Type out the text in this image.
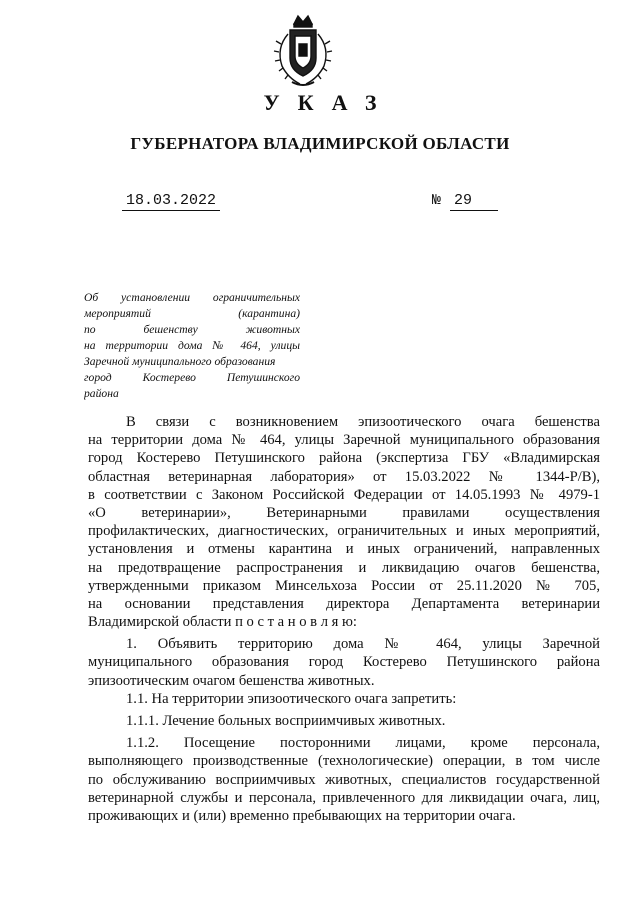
УКАЗ
ГУБЕРНАТОРА ВЛАДИМИРСКОЙ ОБЛАСТИ
18.03.2022	№ 29
Об установлении ограничительных
мероприятий (карантина)
по бешенству животных
на территории дома № 464, улицы
Заречной муниципального образования
город Костерево Петушинского
района
В связи с возникновением эпизоотического очага бешенства
на территории дома № 464, улицы Заречной муниципального образования
город Костерево Петушинского района (экспертиза ГБУ «Владимирская
областная ветеринарная лаборатория» от 15.03.2022 № 1344-Р/В),
в соответствии с Законом Российской Федерации от 14.05.1993 № 4979-1
«О ветеринарии», Ветеринарными правилами осуществления
профилактических, диагностических, ограничительных и иных мероприятий,
установления и отмены карантина и иных ограничений, направленных
на предотвращение распространения и ликвидацию очагов бешенства,
утвержденными приказом Минсельхоза России от 25.11.2020 № 705,
на основании представления директора Департамента ветеринарии
Владимирской области п о с т а н о в л я ю:
1. Объявить территорию дома № 464, улицы Заречной
муниципального образования город Костерево Петушинского района
эпизоотическим очагом бешенства животных.
1.1. На территории эпизоотического очага запретить:
1.1.1. Лечение больных восприимчивых животных.
1.1.2. Посещение посторонними лицами, кроме персонала,
выполняющего производственные (технологические) операции, в том числе
по обслуживанию восприимчивых животных, специалистов государственной
ветеринарной службы и персонала, привлеченного для ликвидации очага, лиц,
проживающих и (или) временно пребывающих на территории очага.
